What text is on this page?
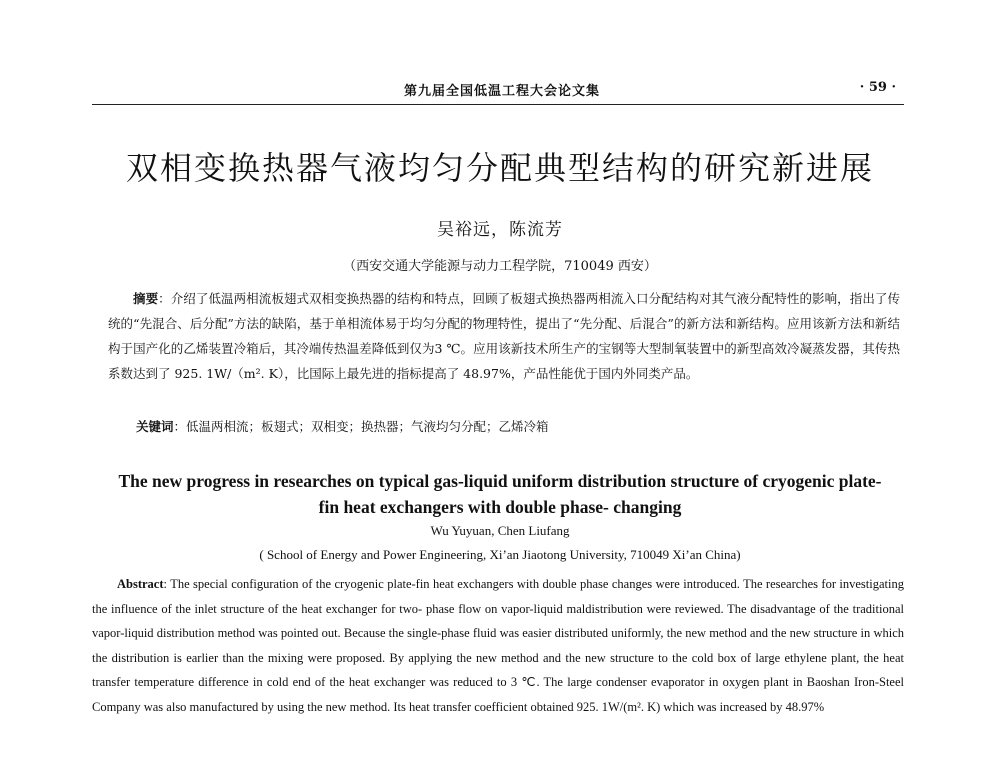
第九届全国低温工程大会论文集	· 59 ·
双相变换热器气液均匀分配典型结构的研究新进展
吴裕远，陈流芳
（西安交通大学能源与动力工程学院，710049 西安）

摘要：介绍了低温两相流板翅式双相变换热器的结构和特点，回顾了板翅式换热器两相流入口分配结构对其气液分配特性的影响，指出了传统的“先混合、后分配”方法的缺陷，基于单相流体易于均匀分配的物理特性，提出了“先分配、后混合”的新方法和新结构。应用该新方法和新结构于国产化的乙烯装置冷箱后，其冷端传热温差降低到仅为3 ℃。应用该新技术所生产的宝钢等大型制氧装置中的新型高效冷凝蒸发器，其传热系数达到了 925. 1W/（m². K），比国际上最先进的指标提高了 48.97%，产品性能优于国内外同类产品。

关键词：低温两相流；板翅式；双相变；换热器；气液均匀分配；乙烯冷箱

The new progress in researches on typical gas-liquid uniform distribution structure of cryogenic plate-fin heat exchangers with double phase- changing

Wu Yuyuan, Chen Liufang
( School of Energy and Power Engineering, Xi’an Jiaotong University, 710049 Xi’an China)

Abstract: The special configuration of the cryogenic plate-fin heat exchangers with double phase changes were introduced. The researches for investigating the influence of the inlet structure of the heat exchanger for two- phase flow on vapor-liquid maldistribution were reviewed. The disadvantage of the traditional vapor-liquid distribution method was pointed out. Because the single-phase fluid was easier distributed uniformly, the new method and the new structure in which the distribution is earlier than the mixing were proposed. By applying the new method and the new structure to the cold box of large ethylene plant, the heat transfer temperature difference in cold end of the heat exchanger was reduced to 3 ℃. The large condenser evaporator in oxygen plant in Baoshan Iron-Steel Company was also manufactured by using the new method. Its heat transfer coefficient obtained 925. 1W/(m². K) which was increased by 48.97%
